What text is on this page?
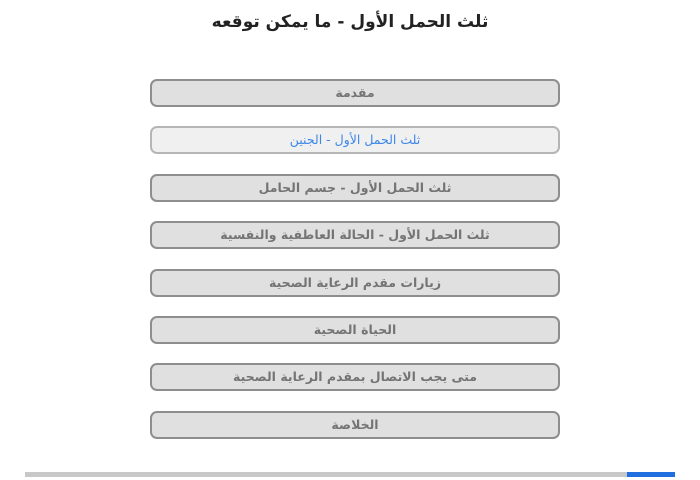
ثلث الحمل الأول - ما يمكن توقعه
مقدمة
ثلث الحمل الأول - الجنين
ثلث الحمل الأول - جسم الحامل
ثلث الحمل الأول - الحالة العاطفية والنفسية
زيارات مقدم الرعاية الصحية
الحياة الصحية
متى يجب الاتصال بمقدم الرعاية الصحية
الخلاصة
